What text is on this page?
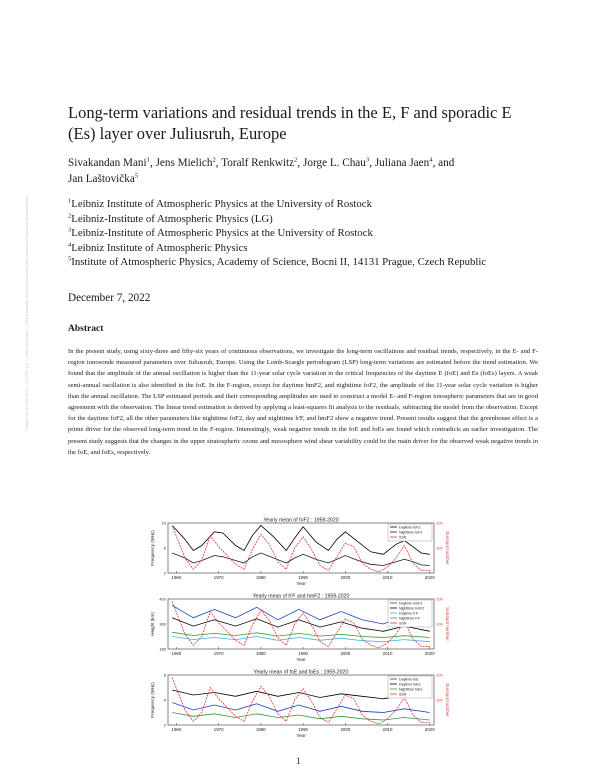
Posted on 10 Dec 2022 — CC-BY 4.0 — https://doi.org/ — This a preprint and has not been peer reviewed. Data may be preliminary.
Long-term variations and residual trends in the E, F and sporadic E (Es) layer over Juliusruh, Europe
Sivakandan Mani$^1$, Jens Mielich$^2$, Toralf Renkwitz$^2$, Jorge L. Chau$^3$, Juliana Jaen$^4$, and
Jan Laštovička$^5$
$^1$Leibniz Institute of Atmospheric Physics at the University of Rostock
$^2$Leibniz-Institute of Atmospheric Physics (LG)
$^3$Leibniz-Institute of Atmospheric Physics at the University of Rostock
$^4$Leibniz Institute of Atmospheric Physics
$^5$Institute of Atmospheric Physics, Academy of Science, Bocni II, 14131 Prague, Czech Republic
December 7, 2022
Abstract

In the present study, using sixty-three and fifty-six years of continuous observations, we investigate the long-term oscillations and residual trends, respectively, in the E- and F-region ionosonde measured parameters over Juliusruh, Europe. Using the Lomb-Scargle periodogram (LSP) long-term variations are estimated before the trend estimation. We found that the amplitude of the annual oscillation is higher than the 11-year solar cycle variation in the critical frequencies of the daytime E (foE) and Es (foEs) layers. A weak semi-annual oscillation is also identified in the foE. In the F-region, except for daytime hmF2, and nighttime foF2, the amplitude of the 11-year solar cycle variation is higher than the annual oscillation. The LSP estimated periods and their corresponding amplitudes are used to construct a model E- and F-region ionospheric parameters that are in good agreement with the observation. The linear trend estimation is derived by applying a least-squares fit analysis to the residuals, subtracting the model from the observation. Except for the daytime foF2, all the other parameters like nighttime foF2, day and nighttime h'F, and hmF2 show a negative trend. Present results suggest that the greenhouse effect is a prime driver for the observed long-term trend in the F-region. Interestingly, weak negative trends in the foE and foEs are found which contradicts an earlier investigation. The present study suggests that the changes in the upper stratospheric ozone and mesosphere wind shear variability could be the main driver for the observed weak negative trends in the foE, and foEs, respectively.

Yearly mean of foF2 : 1959-2020
1960	1970	1980	1990	2000	2010	2020
Year
Frequency (MHz)	Sunspot number
2
6
10
100
200
Daytime foF2
Nighttime foF2
SSN
Yearly mean of h'F and hmF2 : 1959-2020
1960	1970	1980	1990	2000	2010	2020
Year
Height (km)	Sunspot number
180
300
420
100
200
Daytime hmF2
Nighttime hmF2
Daytime h'F
Nighttime h'F
SSN
Yearly mean of foE and foEs : 1959-2020
1960	1970	1980	1990	2000	2010	2020
Year
Frequency (MHz)	Sunspot number
2
4
6
100
200
Daytime foE
Daytime foEs
Nighttime foEs
SSN
1
